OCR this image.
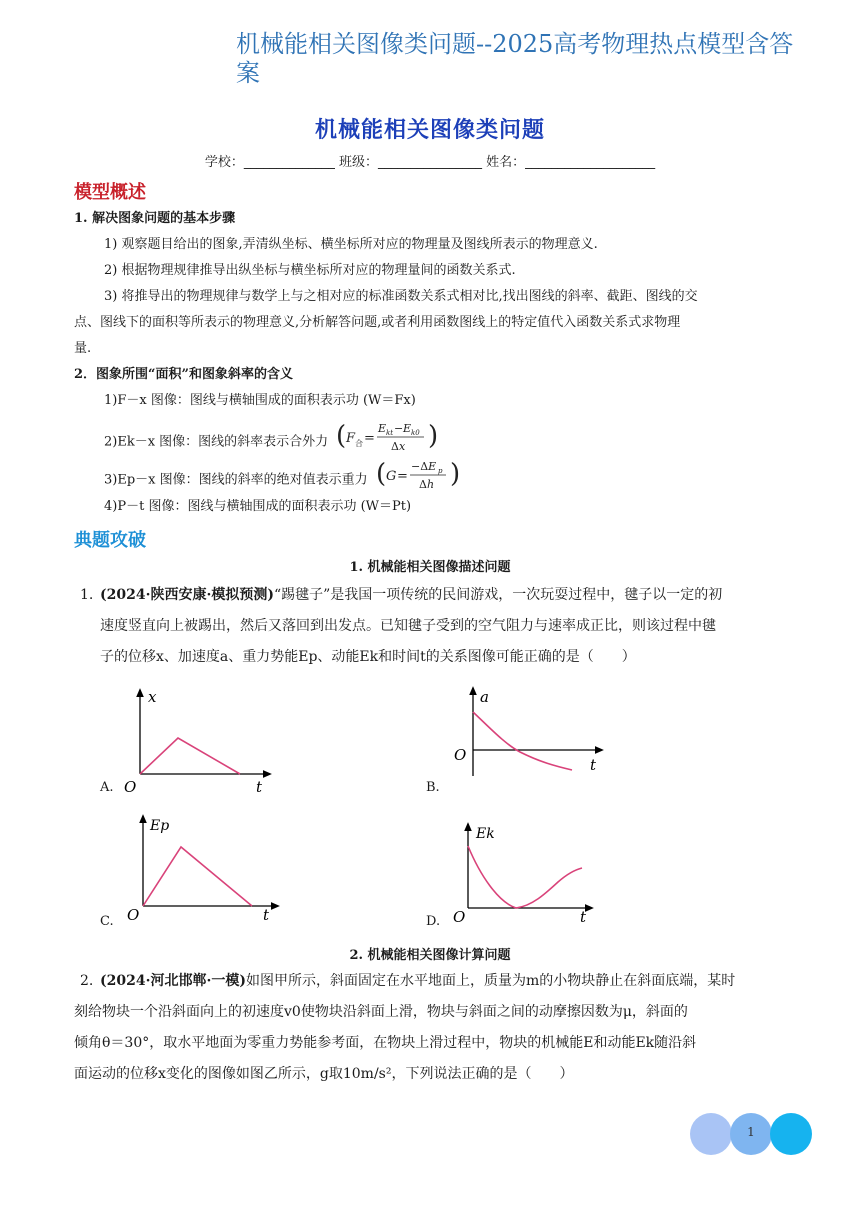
机械能相关图像类问题--2025高考物理热点模型含答案
机械能相关图像类问题
学校：______________ 班级：________________ 姓名：____________________
模型概述
1. 解决图象问题的基本步骤
1) 观察题目给出的图象,弄清纵坐标、横坐标所对应的物理量及图线所表示的物理意义.
2) 根据物理规律推导出纵坐标与横坐标所对应的物理量间的函数关系式.
3) 将推导出的物理规律与数学上与之相对应的标准函数关系式相对比,找出图线的斜率、截距、图线的交
点、图线下的面积等所表示的物理意义,分析解答问题,或者利用函数图线上的特定值代入函数关系式求物理
量.
2．图象所围“面积”和图象斜率的含义
1)F－x 图像：图线与横轴围成的面积表示功 (W＝Fx)
2)Ek－x 图像：图线的斜率表示合外力 ( F 合 =
E kt − E k0
Δx )
3)Ep－x 图像：图线的斜率的绝对值表示重力 ( G =
−ΔE p
Δh )
4)P－t 图像：图线与横轴围成的面积表示功 (W＝Pt)
典题攻破
1. 机械能相关图像描述问题
1. (2024·陕西安康·模拟预测)“踢毽子”是我国一项传统的民间游戏，一次玩耍过程中，毽子以一定的初
速度竖直向上被踢出，然后又落回到出发点。已知毽子受到的空气阻力与速率成正比，则该过程中毽
子的位移x、加速度a、重力势能Ep、动能Ek和时间t的关系图像可能正确的是（　　）
A.
x
O	t	B.
a
O
t
C.
Ep
O	t	D.
Ek
O	t
2. 机械能相关图像计算问题
2. (2024·河北邯郸·一模)如图甲所示，斜面固定在水平地面上，质量为m的小物块静止在斜面底端，某时
刻给物块一个沿斜面向上的初速度v0使物块沿斜面上滑，物块与斜面之间的动摩擦因数为μ，斜面的
倾角θ＝30°，取水平地面为零重力势能参考面，在物块上滑过程中，物块的机械能E和动能Ek随沿斜
面运动的位移x变化的图像如图乙所示，g取10m/s²，下列说法正确的是（　　）
1
